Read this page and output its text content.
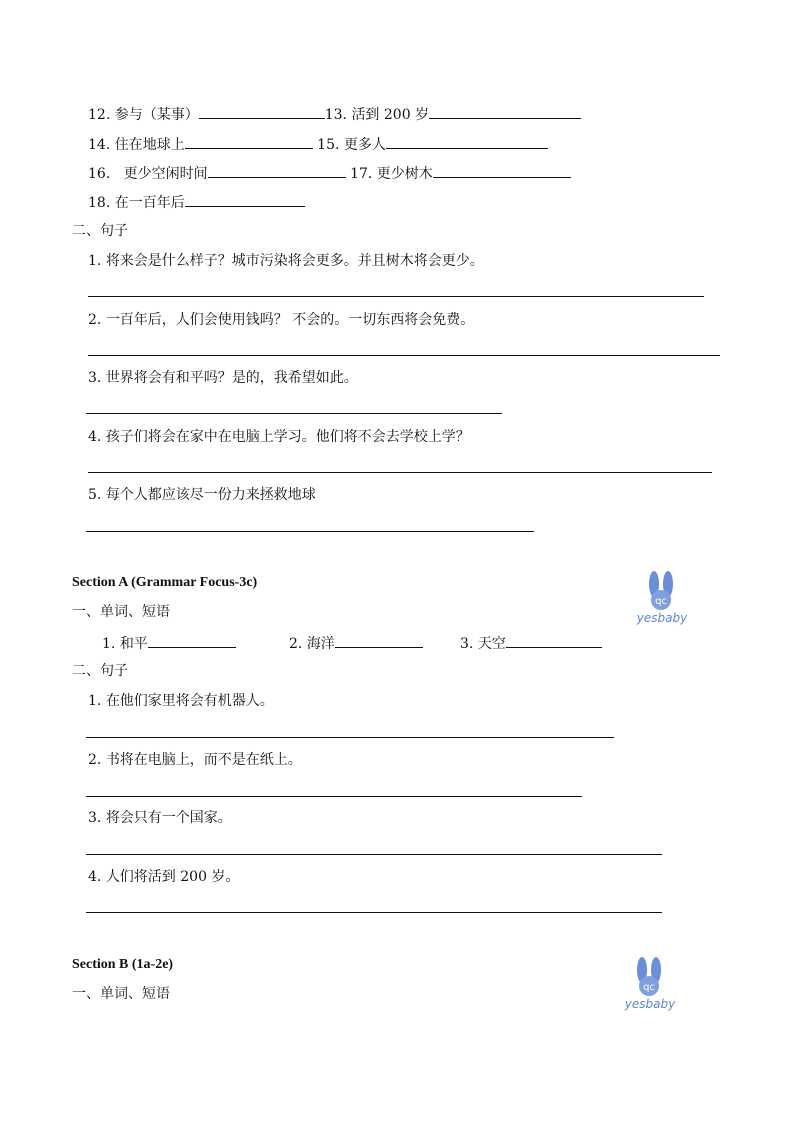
12. 参与（某事）	13. 活到 200 岁
14. 住在地球上	15. 更多人
16. 更少空闲时间	17. 更少树木
18. 在一百年后
二、句子
1. 将来会是什么样子？城市污染将会更多。并且树木将会更少。
2. 一百年后，人们会使用钱吗？ 不会的。一切东西将会免费。
3. 世界将会有和平吗？是的，我希望如此。
4. 孩子们将会在家中在电脑上学习。他们将不会去学校上学？
5. 每个人都应该尽一份力来拯救地球
Section A (Grammar Focus-3c)
qc
yesbaby
一、单词、短语
1. 和平	2. 海洋	3. 天空
二、句子
1. 在他们家里将会有机器人。
2. 书将在电脑上，而不是在纸上。
3. 将会只有一个国家。
4. 人们将活到 200 岁。
Section B (1a-2e)
qc
yesbaby
一、单词、短语
